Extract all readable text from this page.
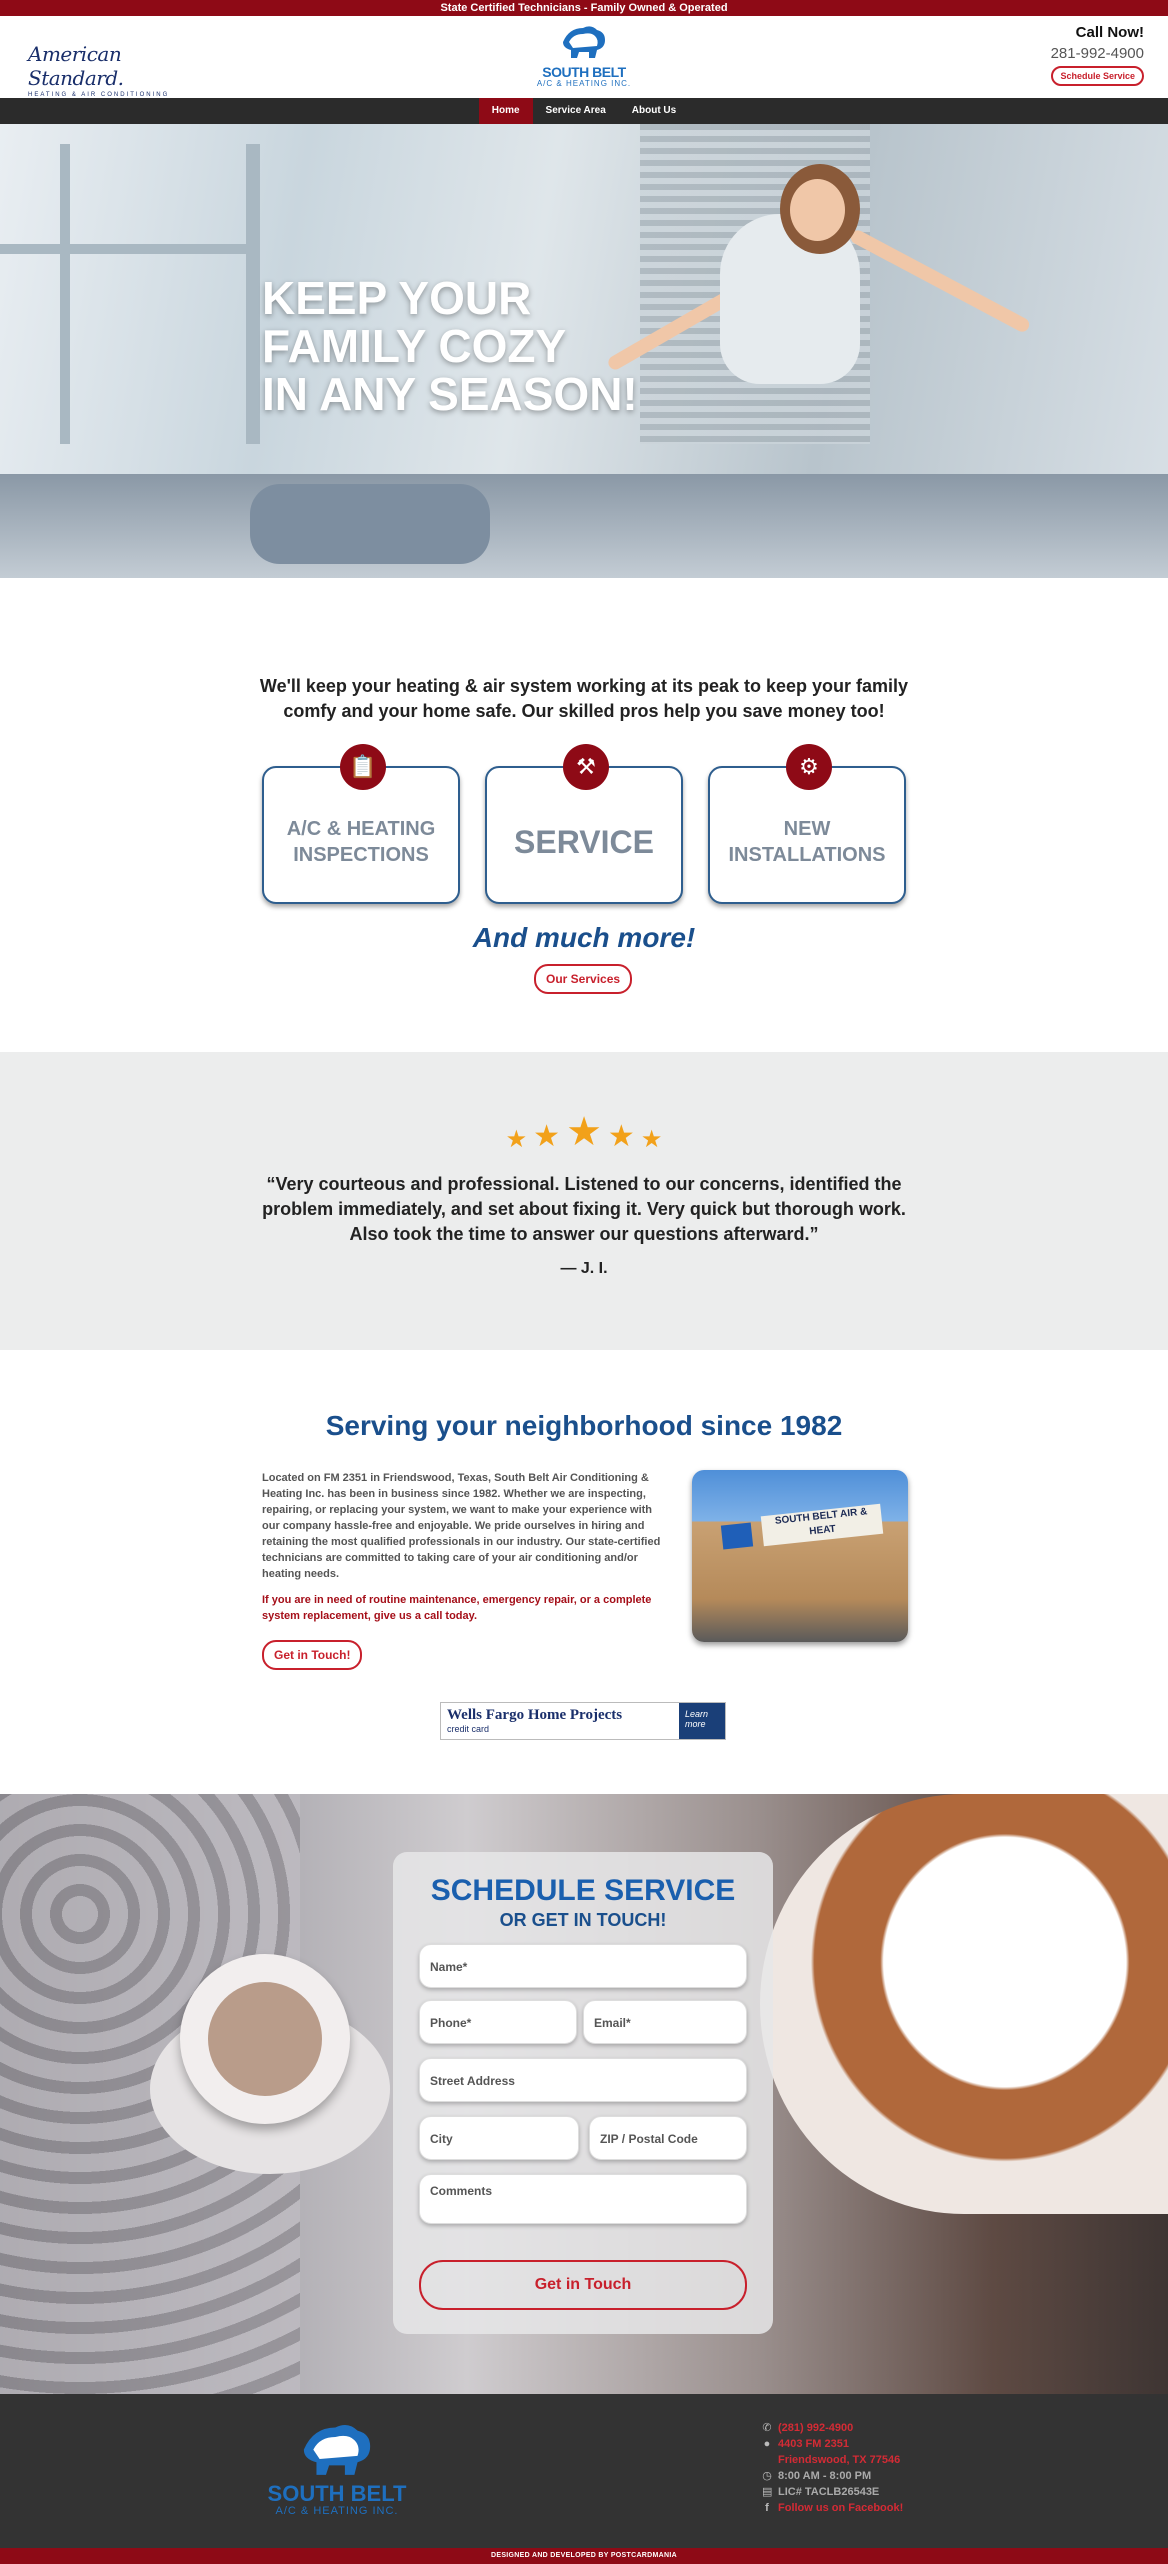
State Certified Technicians - Family Owned & Operated
American Standard.
HEATING & AIR CONDITIONING
SOUTH BELT
A/C & HEATING INC.
Call Now!
281-992-4900
Schedule Service
Home	Service Area	About Us
KEEP YOUR
FAMILY COZY
IN ANY SEASON!

We'll keep your heating & air system working at its peak to keep your family comfy and your home safe. Our skilled pros help you save money too!

📋
A/C & HEATING
INSPECTIONS
⚒
SERVICE
⚙
NEW
INSTALLATIONS
And much more!
Our Services
★ ★ ★ ★ ★

“Very courteous and professional. Listened to our concerns, identified the problem immediately, and set about fixing it. Very quick but thorough work. Also took the time to answer our questions afterward.”

— J. I.
Serving your neighborhood since 1982

Located on FM 2351 in Friendswood, Texas, South Belt Air Conditioning & Heating Inc. has been in business since 1982. Whether we are inspecting, repairing, or replacing your system, we want to make your experience with our company hassle-free and enjoyable. We pride ourselves in hiring and retaining the most qualified professionals in our industry. Our state-certified technicians are committed to taking care of your air conditioning and/or heating needs.

If you are in need of routine maintenance, emergency repair, or a complete system replacement, give us a call today.

Get in Touch!
SOUTH BELT AIR & HEAT
Wells Fargo Home Projects
credit card
Learn more
SCHEDULE SERVICE
OR GET IN TOUCH!
Name*
Phone*	Email*
Street Address
City	ZIP / Postal Code
Comments
Get in Touch
SOUTH BELT
A/C & HEATING INC.
✆ (281) 992-4900
● 4403 FM 2351
Friendswood, TX 77546
◷ 8:00 AM - 8:00 PM
▤ LIC# TACLB26543E
f Follow us on Facebook!
DESIGNED AND DEVELOPED BY POSTCARDMANIA
